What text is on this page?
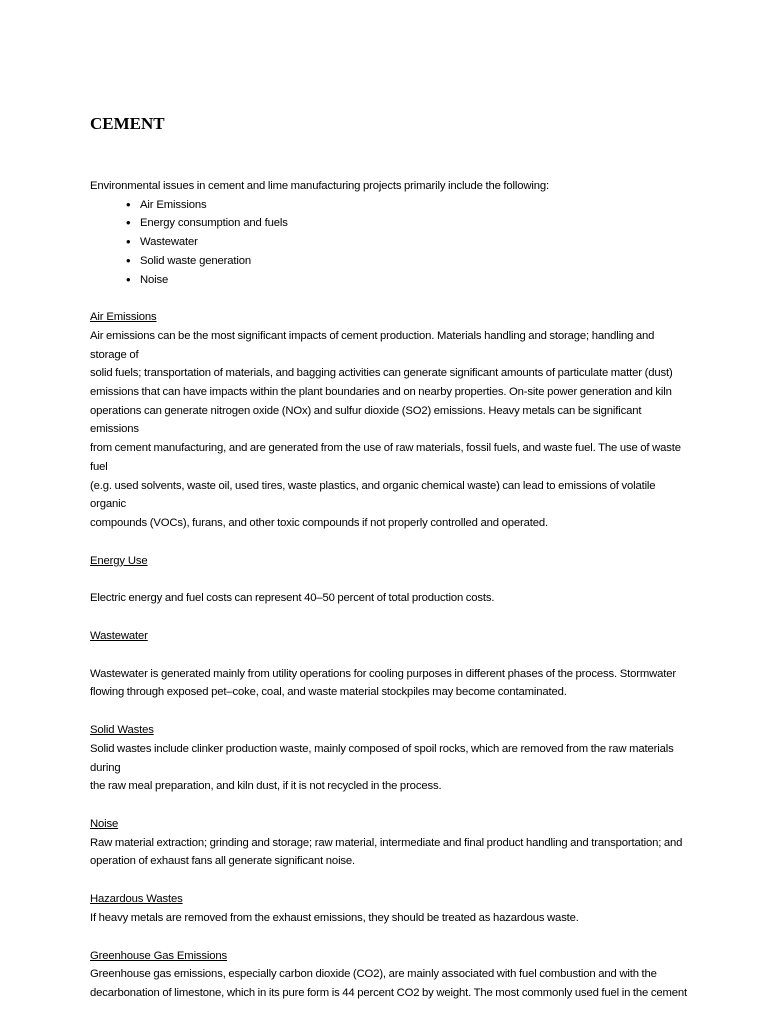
CEMENT
Environmental issues in cement and lime manufacturing projects primarily include the following:
• Air Emissions
• Energy consumption and fuels
• Wastewater
• Solid waste generation
• Noise
Air Emissions
Air emissions can be the most significant impacts of cement production. Materials handling and storage; handling and storage of
solid fuels; transportation of materials, and bagging activities can generate significant amounts of particulate matter (dust)
emissions that can have impacts within the plant boundaries and on nearby properties. On-site power generation and kiln
operations can generate nitrogen oxide (NOx) and sulfur dioxide (SO2) emissions. Heavy metals can be significant emissions
from cement manufacturing, and are generated from the use of raw materials, fossil fuels, and waste fuel. The use of waste fuel
(e.g. used solvents, waste oil, used tires, waste plastics, and organic chemical waste) can lead to emissions of volatile organic
compounds (VOCs), furans, and other toxic compounds if not properly controlled and operated.
Energy Use
Electric energy and fuel costs can represent 40–50 percent of total production costs.
Wastewater
Wastewater is generated mainly from utility operations for cooling purposes in different phases of the process. Stormwater
flowing through exposed pet–coke, coal, and waste material stockpiles may become contaminated.
Solid Wastes
Solid wastes include clinker production waste, mainly composed of spoil rocks, which are removed from the raw materials during
the raw meal preparation, and kiln dust, if it is not recycled in the process.
Noise
Raw material extraction; grinding and storage; raw material, intermediate and final product handling and transportation; and
operation of exhaust fans all generate significant noise.
Hazardous Wastes
If heavy metals are removed from the exhaust emissions, they should be treated as hazardous waste.
Greenhouse Gas Emissions
Greenhouse gas emissions, especially carbon dioxide (CO2), are mainly associated with fuel combustion and with the
decarbonation of limestone, which in its pure form is 44 percent CO2 by weight. The most commonly used fuel in the cement
